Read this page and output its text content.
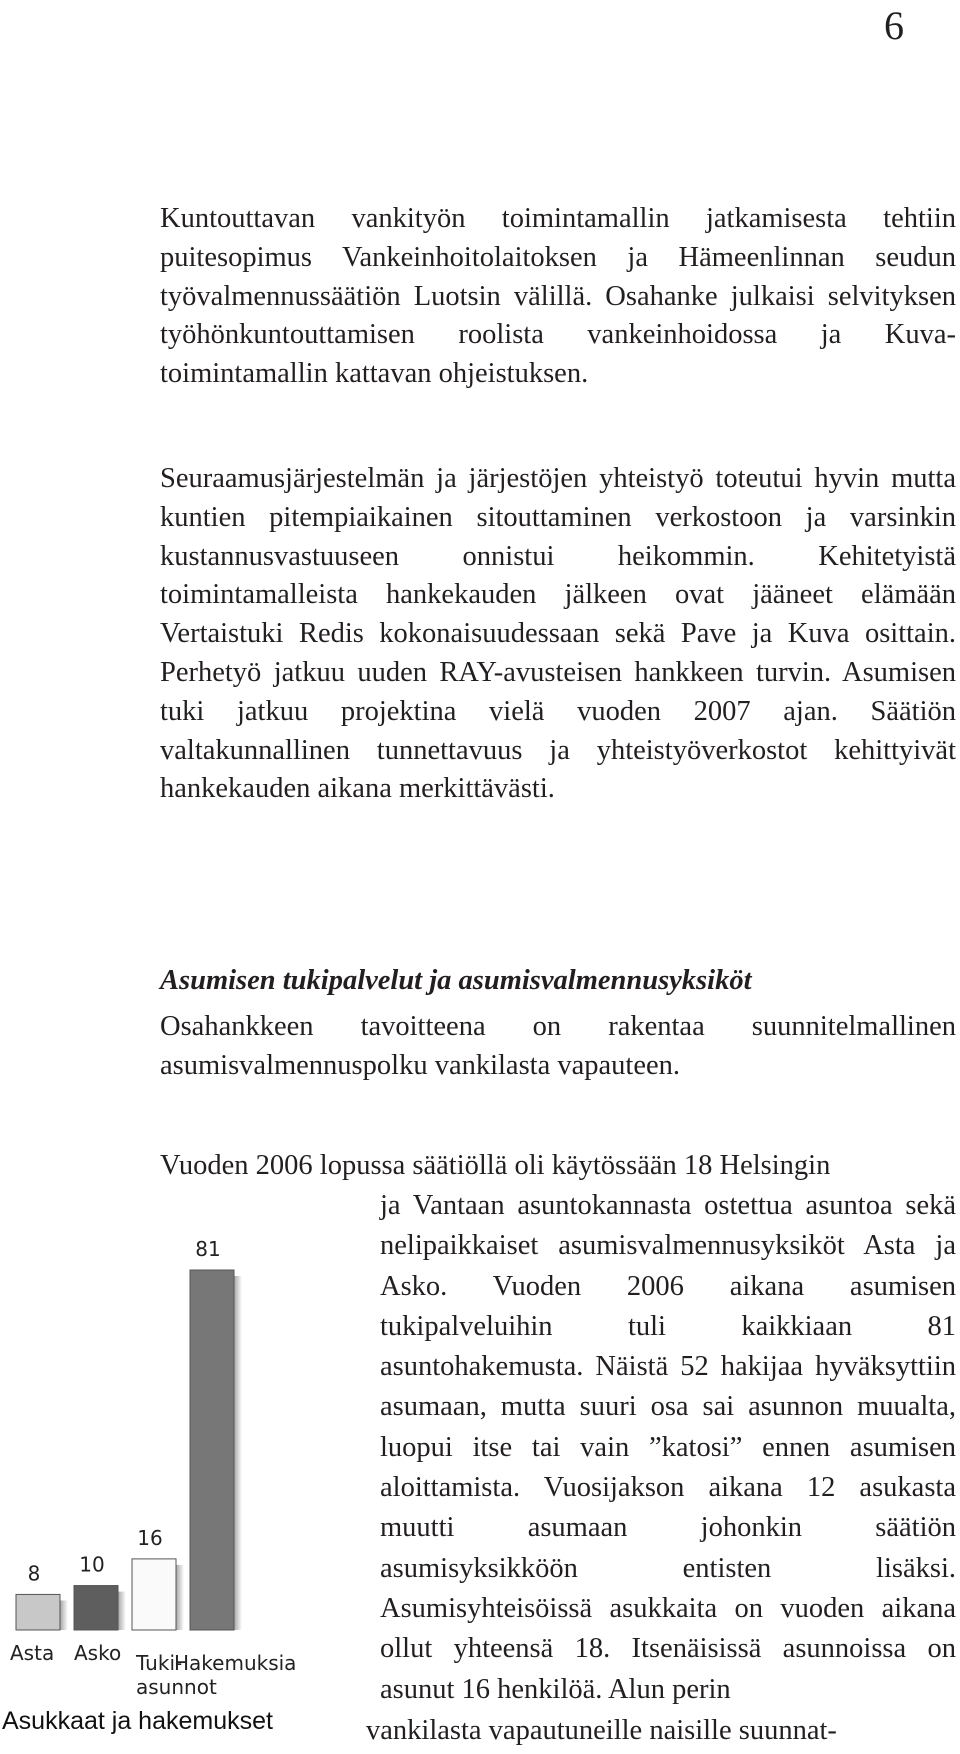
6

Kuntouttavan vankityön toimintamallin jatkamisesta tehtiin puitesopimus Vankeinhoitolaitoksen ja Hämeenlinnan seudun työvalmennussäätiön Luotsin välillä. Osahanke julkaisi selvityksen työhönkuntouttamisen roolista vankeinhoidossa ja Kuva-toimintamallin kattavan ohjeistuksen.

Seuraamusjärjestelmän ja järjestöjen yhteistyö toteutui hyvin mutta kuntien pitempiaikainen sitouttaminen verkostoon ja varsinkin kustannusvastuuseen onnistui heikommin. Kehitetyistä toimintamalleista hankekauden jälkeen ovat jääneet elämään Vertaistuki Redis kokonaisuudessaan sekä Pave ja Kuva osittain. Perhetyö jatkuu uuden RAY-avusteisen hankkeen turvin. Asumisen tuki jatkuu projektina vielä vuoden 2007 ajan. Säätiön valtakunnallinen tunnettavuus ja yhteistyöverkostot kehittyivät hankekauden aikana merkittävästi.

Asumisen tukipalvelut ja asumisvalmennusyksiköt

Osahankkeen tavoitteena on rakentaa suunnitelmallinen asumisvalmennuspolku vankilasta vapauteen.

Vuoden 2006 lopussa säätiöllä oli käytössään 18 Helsingin

ja Vantaan asuntokannasta ostettua asuntoa sekä nelipaikkaiset asumisvalmennusyksiköt Asta ja Asko. Vuoden 2006 aikana asumisen tukipalveluihin tuli kaikkiaan 81 asuntohakemusta. Näistä 52 hakijaa hyväksyttiin asumaan, mutta suuri osa sai asunnon muualta, luopui itse tai vain ”katosi” ennen asumisen aloittamista. Vuosijakson aikana 12 asukasta muutti asumaan johonkin säätiön asumisyksikköön entisten lisäksi. Asumisyhteisöissä asukkaita on vuoden aikana ollut yhteensä 18. Itsenäisissä asunnoissa on asunut 16 henkilöä. Alun perin

vankilasta vapautuneille naisille suunnat-
8
Asta
10
Asko
16
Tuki-asunnot
81
Hakemuksia
Asukkaat ja hakemukset
